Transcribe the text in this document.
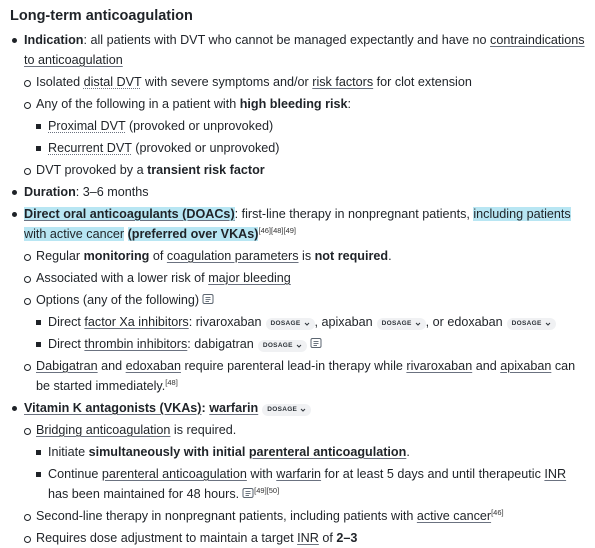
Long-term anticoagulation
Indication: all patients with DVT who cannot be managed expectantly and have no contraindications to anticoagulation
Isolated distal DVT with severe symptoms and/or risk factors for clot extension
Any of the following in a patient with high bleeding risk:
Proximal DVT (provoked or unprovoked)
Recurrent DVT (provoked or unprovoked)
DVT provoked by a transient risk factor
Duration: 3–6 months
Direct oral anticoagulants (DOACs): first-line therapy in nonpregnant patients, including patients with active cancer (preferred over VKAs)[46][48][49]
Regular monitoring of coagulation parameters is not required.
Associated with a lower risk of major bleeding
Options (any of the following)
Direct factor Xa inhibitors: rivaroxaban DOSAGE , apixaban DOSAGE , or edoxaban DOSAGE
Direct thrombin inhibitors: dabigatran DOSAGE
Dabigatran and edoxaban require parenteral lead-in therapy while rivaroxaban and apixaban can be started immediately.[48]
Vitamin K antagonists (VKAs): warfarin DOSAGE
Bridging anticoagulation is required.
Initiate simultaneously with initial parenteral anticoagulation.
Continue parenteral anticoagulation with warfarin for at least 5 days and until therapeutic INR has been maintained for 48 hours. [49][50]
Second-line therapy in nonpregnant patients, including patients with active cancer[46]
Requires dose adjustment to maintain a target INR of 2–3
